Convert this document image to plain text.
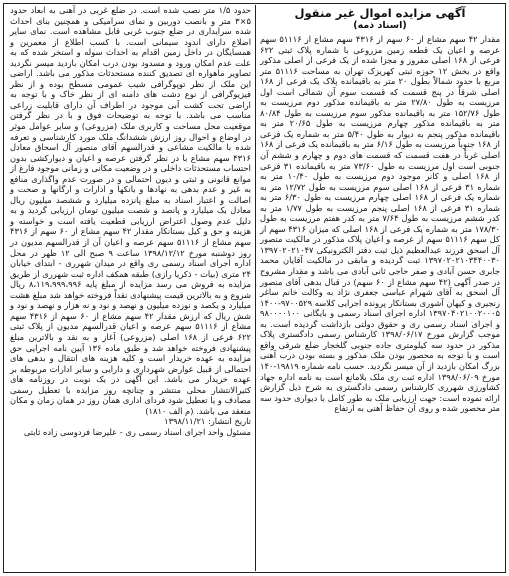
آگهی مزایده اموال غیر منقول
(اسناد ذمه)
مقدار ۴۲ سهم مشاع از ۶۰ سهم از ۴۳۱۶ سهم مشاع از ۵۱۱۱۶ سهم عرصه و اعیان یک قطعه زمین مزروعی با شماره پلاک ثبتی ۶۲۲ فرعی از ۱۶۸ اصلی مفروز و مجزا شده از یک فرعی از اصلی مذکور واقع در بخش ۱۲ حوزه ثبتی کهریزک تهران به مساحت ۵۱۱۱۶ متر مربع با حدود شمالاً بطول ۲۰ متر به باقیمانده پلاک یک فرعی از ۱۶۸ اصلی شرقاً در پنج قسمت که قسمت سوم آن شمالی است اول مرزیست به طول ۲۷/۸۰ متر به باقیمانده مذکور دوم مرزیست به طول ۱۵۲/۷۶ متر به باقیمانده مذکور سوم مرزیست به طول ۸۰/۸۴ متر به باقیمانده مذکور چهارم مرزیست به طول ۲۰/۶۵ متر به باقیمانده مذکور پنجم به دیوار به طول ۵/۴۰ متر به شماره یک فرعی از ۱۶۸ جنوباً مرزیست به طول ۶/۱۶ متر به باقیمانده یک فرعی از ۱۶۸ اصلی غرباً در هفت قسمت که قسمت های دوم و چهارم و ششم آن جنوبی است اول مرزیست به طول ۷۳/۶۰ متر به باقیمانده ۳۱ فرعی از ۱۶۸ اصلی و کانر موجود دوم مرزیست به طول ۱۰/۴۰ متر به شماره ۳۱ فرعی از ۱۶۸ اصلی سوم مرزیست به طول ۱۲/۷۲ متر به شماره یک فرعی از ۱۶۸ اصلی چهارم مرزیست به طول ۶/۳۰ متر به شماره ۳۱ فرعی از ۱۶۸ اصلی پنجم مرزیست به طول ۱/۷۷ متر به کدر ششم مرزیست به طول ۷/۶۴ متر به کدر هفتم مرزیست به طول ۱۷۸/۳۰ متر به شماره یک فرعی از ۱۶۸ اصلی که میزان ۴۳۱۶ سهم از کل سهم ۵۱۱۱۶ سهم از عرصه و اعیان پلاک مذکور در مالکیت منصور آل اسحق فرزند عبدالعظیم ذیل ثبت دفتر الکترونیکی ۱۳۹۷۰۲۰۲۱۰۴۷ ۱۳۹۷۰۲۰۲۱۰۳۴۴۰۰۳۰ ثبت گردیده و مابقی در مالکیت آقایان محمد جابری حسن آبادی و صفر حاجی ثانی آبادی می باشد و مقدار مشروح در صدر آگهی (۴۲ سهم مشاع از ۶۰ سهم) در قبال بدهی آقای منصور آل اسحق به آقای شهرام عباسی جعفری نژاد به وکالت خانم ساغر زنجیری و کیهان آشوری بستانکار پرونده اجرایی کلاسه ۹۷۰۰۵۲۹-۱۴۰۰ ۱۳۹۷۰۴۰۲۱۰۰۲۰۰۰۵ اداره اجرای اسناد رسمی و بایگانی ۹۸۰۰۰۰۱۰۰ و اجرای اسناد رسمی ری و حقوق دولتی بازداشت گردیده است. به موجب گزارش مورخ ۱۳۹۸/۰۶/۱۷ کارشناس رسمی دادگستری پلاک مذکور در حدود سه کیلومتری جاده جنوبی گلخجار ضلع شرقی واقع است و با توجه به محصور بودن ملک مذکور و بسته بودن درب آهنی بزرگ امکان بازدید از آن میسر نگردید. حسب نامه شماره ۱۹۸۱۹-۱۴۰ مورخ ۱۳۹۸/۰۶/۰۹ اداره ثبت ری ملک بلامانع است به نامه اداره جهاد کشاورزی شهرری کارشناس رسمی دادگستری به شرح ذیل گزارش ارائه نموده است: جهت ارزیابی ملک به طور کامل با دیواری حدود سه متر محصور شده و روی آن حفاظ آهنی به ارتفاع
حدود ۱/۵ متر نصب شده است. در ضلع غربی در آهنی به ابعاد حدود ۵×۳ متر و بانصب دوربین و نمای سرامیکی و همچنین بنای احداث شده سرایداری در ضلع جنوب غربی قابل مشاهده است. نمای سایر اضلاع دارای اندود سیمانی است. با کسب اطلاع از معمرین و همسایگان در داخل زمین اقدام به احداث سوله و استخر شده که به علت عدم امکان ورود و مسدود بودن درب امکان بازدید میسر نگردید تصاویر ماهواره ای تصدیق کننده مستحدثات مذکور می باشد. اراضی این ملک از نظر توپوگرافی شیب عمومی مسطح بوده و از نظر فیزیوگرافی از نوع دشت های دامنه ای از نظر خاک و با توجه به اراضی تحت کشت آبی موجود در اطراف آن دارای قابلیت زراعی مناسب می باشد. با توجه به توضیحات فوق و با در نظر گرفتن موقعیت محل مساحت و کاربری ملک (مزروعی) و سایر عوامل موثر در اوضاع و احوال روز ارزش ششدانگ ملک مورد کارشناسی و تعرفه شده با مالکیت مشاعی و قدرالسهم آقای منصور آل اسحاق معادل ۴۳۱۶ سهم مشاع با در نظر گرفتن عرصه و اعیان و دیوارکشی بدون احتساب مستحدثات داخلی و در وضعیت مکانی و زمانی موجود فارغ از موانع قانونی و ثبتی و دیون احتمالی و در صورت عدم واگذاری منافع به غیر و عدم بدهی به نهادها و بانکها و ادارات و ارگانها و صحت و اصالت و اعتبار اسناد به مبلغ پانزده میلیارد و ششصد میلیون ریال معادل یک میلیارد و پانصد و شصت میلیون تومان ارزیابی گردید و به دلیل عدم وصول اعتراض ارزیابی قطعیت یافته است و خواسته و هزینه و حق و کیل بستانکار مقدار ۴۲ سهم مشاع از ۶۰ سهم از ۴۳۱۶ سهم مشاع از ۵۱۱۱۶ سهم عرصه و اعیان آن از قدرالسهم مدیون در روز دوشنبه مورخ ۱۳۹۸/۱۲/۱۲ ساعت ۹ صبح الی ۱۲ ظهر در محل اداره اجرای اسناد رسمی ری واقع در میدان شهرری - ابتدای خیابان ۲۴ متری (بیات - ذکریا رازی) طبقه همکف اداره ثبت شهرری از طریق مزایده به فروش می رسد مزایده از مبلغ پایه ۸،۱۱۹،۹۹۹،۹۹۶ ریال شروع و به بالاترین قیمت پیشنهادی نقداً فروخته خواهد شد مبلغ هشت میلیارد و یکصد و نوزده میلیون و نهصد و نود و نه هزار و نهصد و نود و شش ریال که ارزش مقدار ۴۲ سهم مشاع از ۶۰ سهم از ۴۳۱۶ سهم مشاع از ۵۱۱۱۶ سهم عرصه و اعیان قدرالسهم مدیون از پلاک ثبتی ۶۲۲ فرعی از ۱۶۸ اصلی (مزروعی) آغاز و به نقد و بالاترین مبلغ پیشنهادی فروخته خواهد شد و طبق ماده ۱۳۶ آیین نامه اجرایی حق مزایده به عهده خریدار است و کلیه هزینه های انتقال و بدهی های احتمالی از قبیل عوارض شهرداری و دارایی و سایر ادارات مربوطه بر عهده خریدار می باشد. این آگهی در یک نوبت در روزنامه های کثیرالانتشار محلی منتشر و چنانچه روز مزایده با تعطیل رسمی مصادف و یا تعطیل شود فردای اداری همان روز در همان زمان و مکان منعقد می باشد. (م الف ۱۸۱۰)
تاریخ انتشار: ۱۳۹۸/۱۱/۲۱
مسئول واحد اجرای اسناد رسمی ری - علیرضا فردوسی زاده ثابتی
